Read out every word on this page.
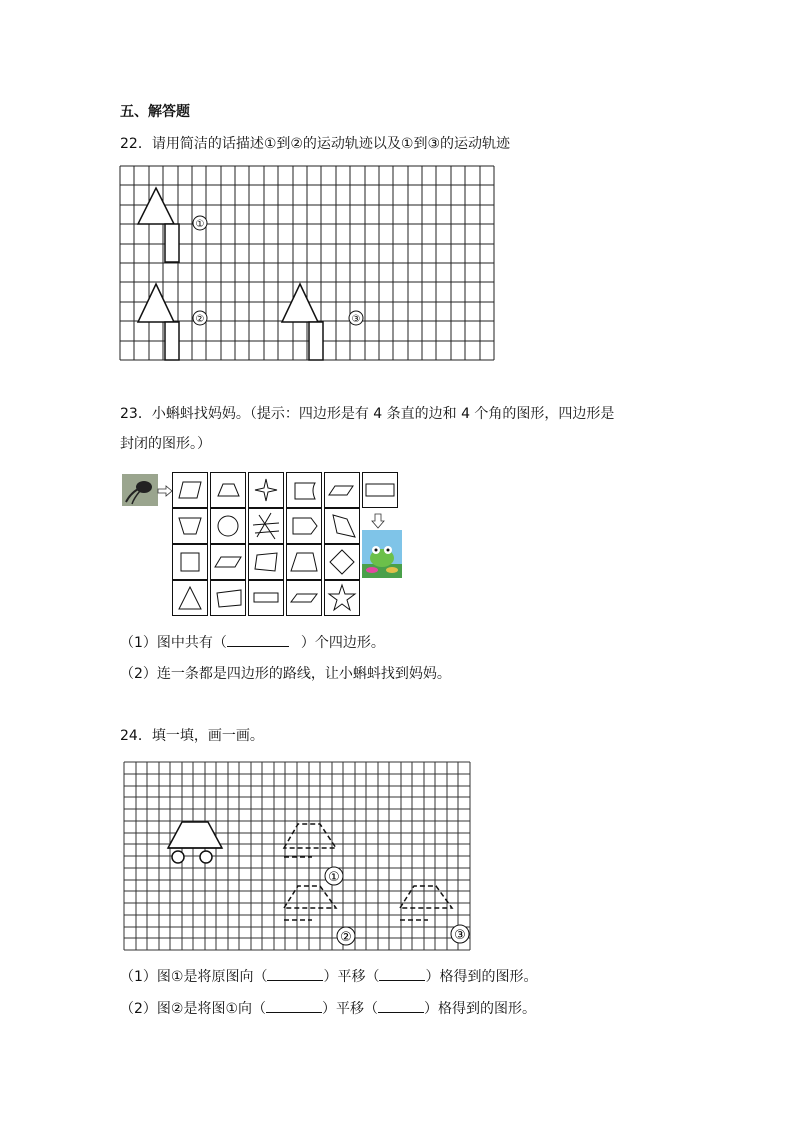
五、解答题
22．请用简洁的话描述①到②的运动轨迹以及①到③的运动轨迹
①
②	③
23．小蝌蚪找妈妈。（提示：四边形是有 4 条直的边和 4 个角的图形，四边形是
封闭的图形。）
（1）图中共有（	）个四边形。
（2）连一条都是四边形的路线，让小蝌蚪找到妈妈。
24．填一填，画一画。
①
②	③
（1）图①是将原图向（	）平移（	）格得到的图形。
（2）图②是将图①向（	）平移（	）格得到的图形。
